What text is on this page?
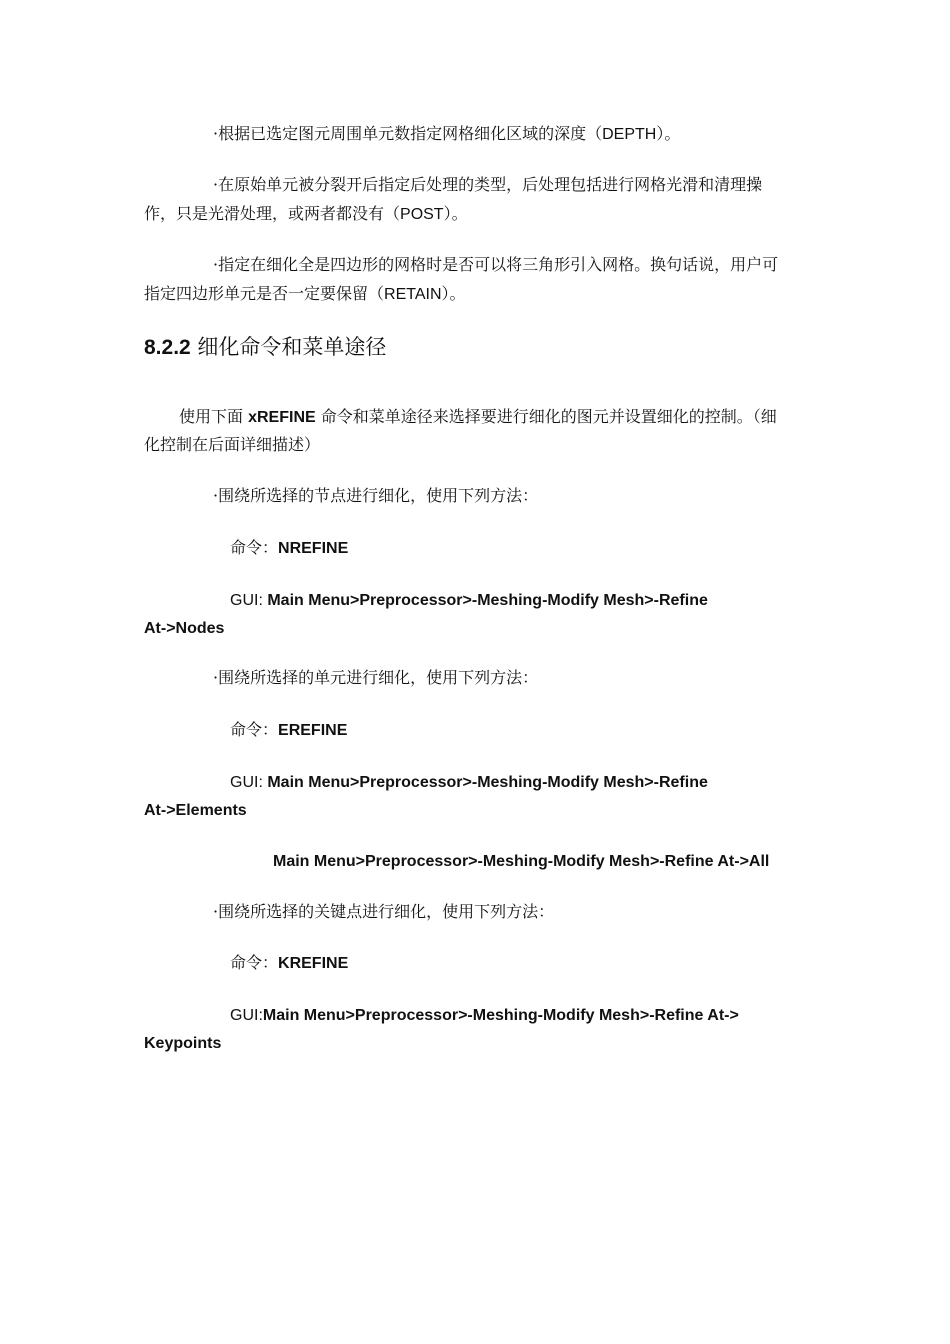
·根据已选定图元周围单元数指定网格细化区域的深度（DEPTH）。
·在原始单元被分裂开后指定后处理的类型，后处理包括进行网格光滑和清理操
作，只是光滑处理，或两者都没有（POST）。
·指定在细化全是四边形的网格时是否可以将三角形引入网格。换句话说，用户可
指定四边形单元是否一定要保留（RETAIN）。
8.2.2 细化命令和菜单途径
使用下面 xREFINE 命令和菜单途径来选择要进行细化的图元并设置细化的控制。（细
化控制在后面详细描述）
·围绕所选择的节点进行细化，使用下列方法：
命令：NREFINE
GUI: Main Menu>Preprocessor>-Meshing-Modify Mesh>-Refine
At->Nodes
·围绕所选择的单元进行细化，使用下列方法：
命令：EREFINE
GUI: Main Menu>Preprocessor>-Meshing-Modify Mesh>-Refine
At->Elements
Main Menu>Preprocessor>-Meshing-Modify Mesh>-Refine At->All
·围绕所选择的关键点进行细化，使用下列方法：
命令：KREFINE
GUI:Main Menu>Preprocessor>-Meshing-Modify Mesh>-Refine At->
Keypoints
